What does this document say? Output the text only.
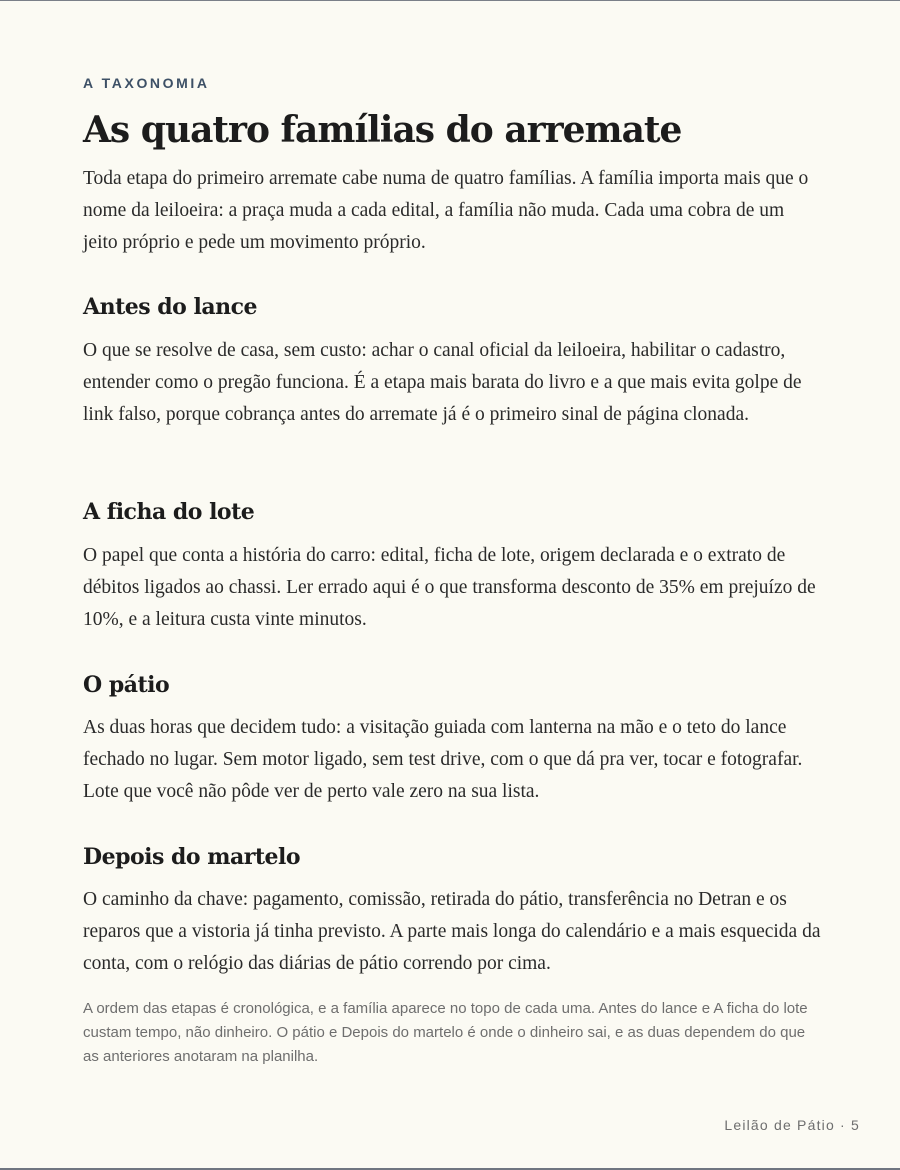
A TAXONOMIA

As quatro famílias do arremate

Toda etapa do primeiro arremate cabe numa de quatro famílias. A família importa mais que o nome da leiloeira: a praça muda a cada edital, a família não muda. Cada uma cobra de um jeito próprio e pede um movimento próprio.

Antes do lance

O que se resolve de casa, sem custo: achar o canal oficial da leiloeira, habilitar o cadastro, entender como o pregão funciona. É a etapa mais barata do livro e a que mais evita golpe de link falso, porque cobrança antes do arremate já é o primeiro sinal de página clonada.

A ficha do lote

O papel que conta a história do carro: edital, ficha de lote, origem declarada e o extrato de débitos ligados ao chassi. Ler errado aqui é o que transforma desconto de 35% em prejuízo de 10%, e a leitura custa vinte minutos.

O pátio

As duas horas que decidem tudo: a visitação guiada com lanterna na mão e o teto do lance fechado no lugar. Sem motor ligado, sem test drive, com o que dá pra ver, tocar e fotografar. Lote que você não pôde ver de perto vale zero na sua lista.

Depois do martelo

O caminho da chave: pagamento, comissão, retirada do pátio, transferência no Detran e os reparos que a vistoria já tinha previsto. A parte mais longa do calendário e a mais esquecida da conta, com o relógio das diárias de pátio correndo por cima.

A ordem das etapas é cronológica, e a família aparece no topo de cada uma. Antes do lance e A ficha do lote custam tempo, não dinheiro. O pátio e Depois do martelo é onde o dinheiro sai, e as duas dependem do que as anteriores anotaram na planilha.

Leilão de Pátio · 5
